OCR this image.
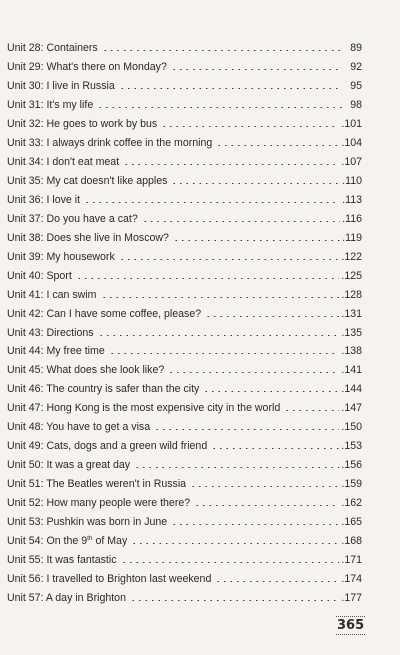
Unit 28: Containers	89
Unit 29: What's there on Monday?	92
Unit 30: I live in Russia	95
Unit 31: It's my life	98
Unit 32: He goes to work by bus	.101
Unit 33: I always drink coffee in the morning	.104
Unit 34: I don't eat meat	.107
Unit 35: My cat doesn't like apples	.110
Unit 36: I love it	.113
Unit 37: Do you have a cat?	.116
Unit 38: Does she live in Moscow?	.119
Unit 39: My housework	.122
Unit 40: Sport	.125
Unit 41: I can swim	.128
Unit 42: Can I have some coffee, please?	.131
Unit 43: Directions	.135
Unit 44: My free time	.138
Unit 45: What does she look like?	.141
Unit 46: The country is safer than the city	.144
Unit 47: Hong Kong is the most expensive city in the world	.147
Unit 48: You have to get a visa	.150
Unit 49: Cats, dogs and a green wild friend	.153
Unit 50: It was a great day	.156
Unit 51: The Beatles weren't in Russia	.159
Unit 52: How many people were there?	.162
Unit 53: Pushkin was born in June	.165
Unit 54: On the 9th of May	.168
Unit 55: It was fantastic	.171
Unit 56: I travelled to Brighton last weekend	.174
Unit 57: A day in Brighton	.177
365
